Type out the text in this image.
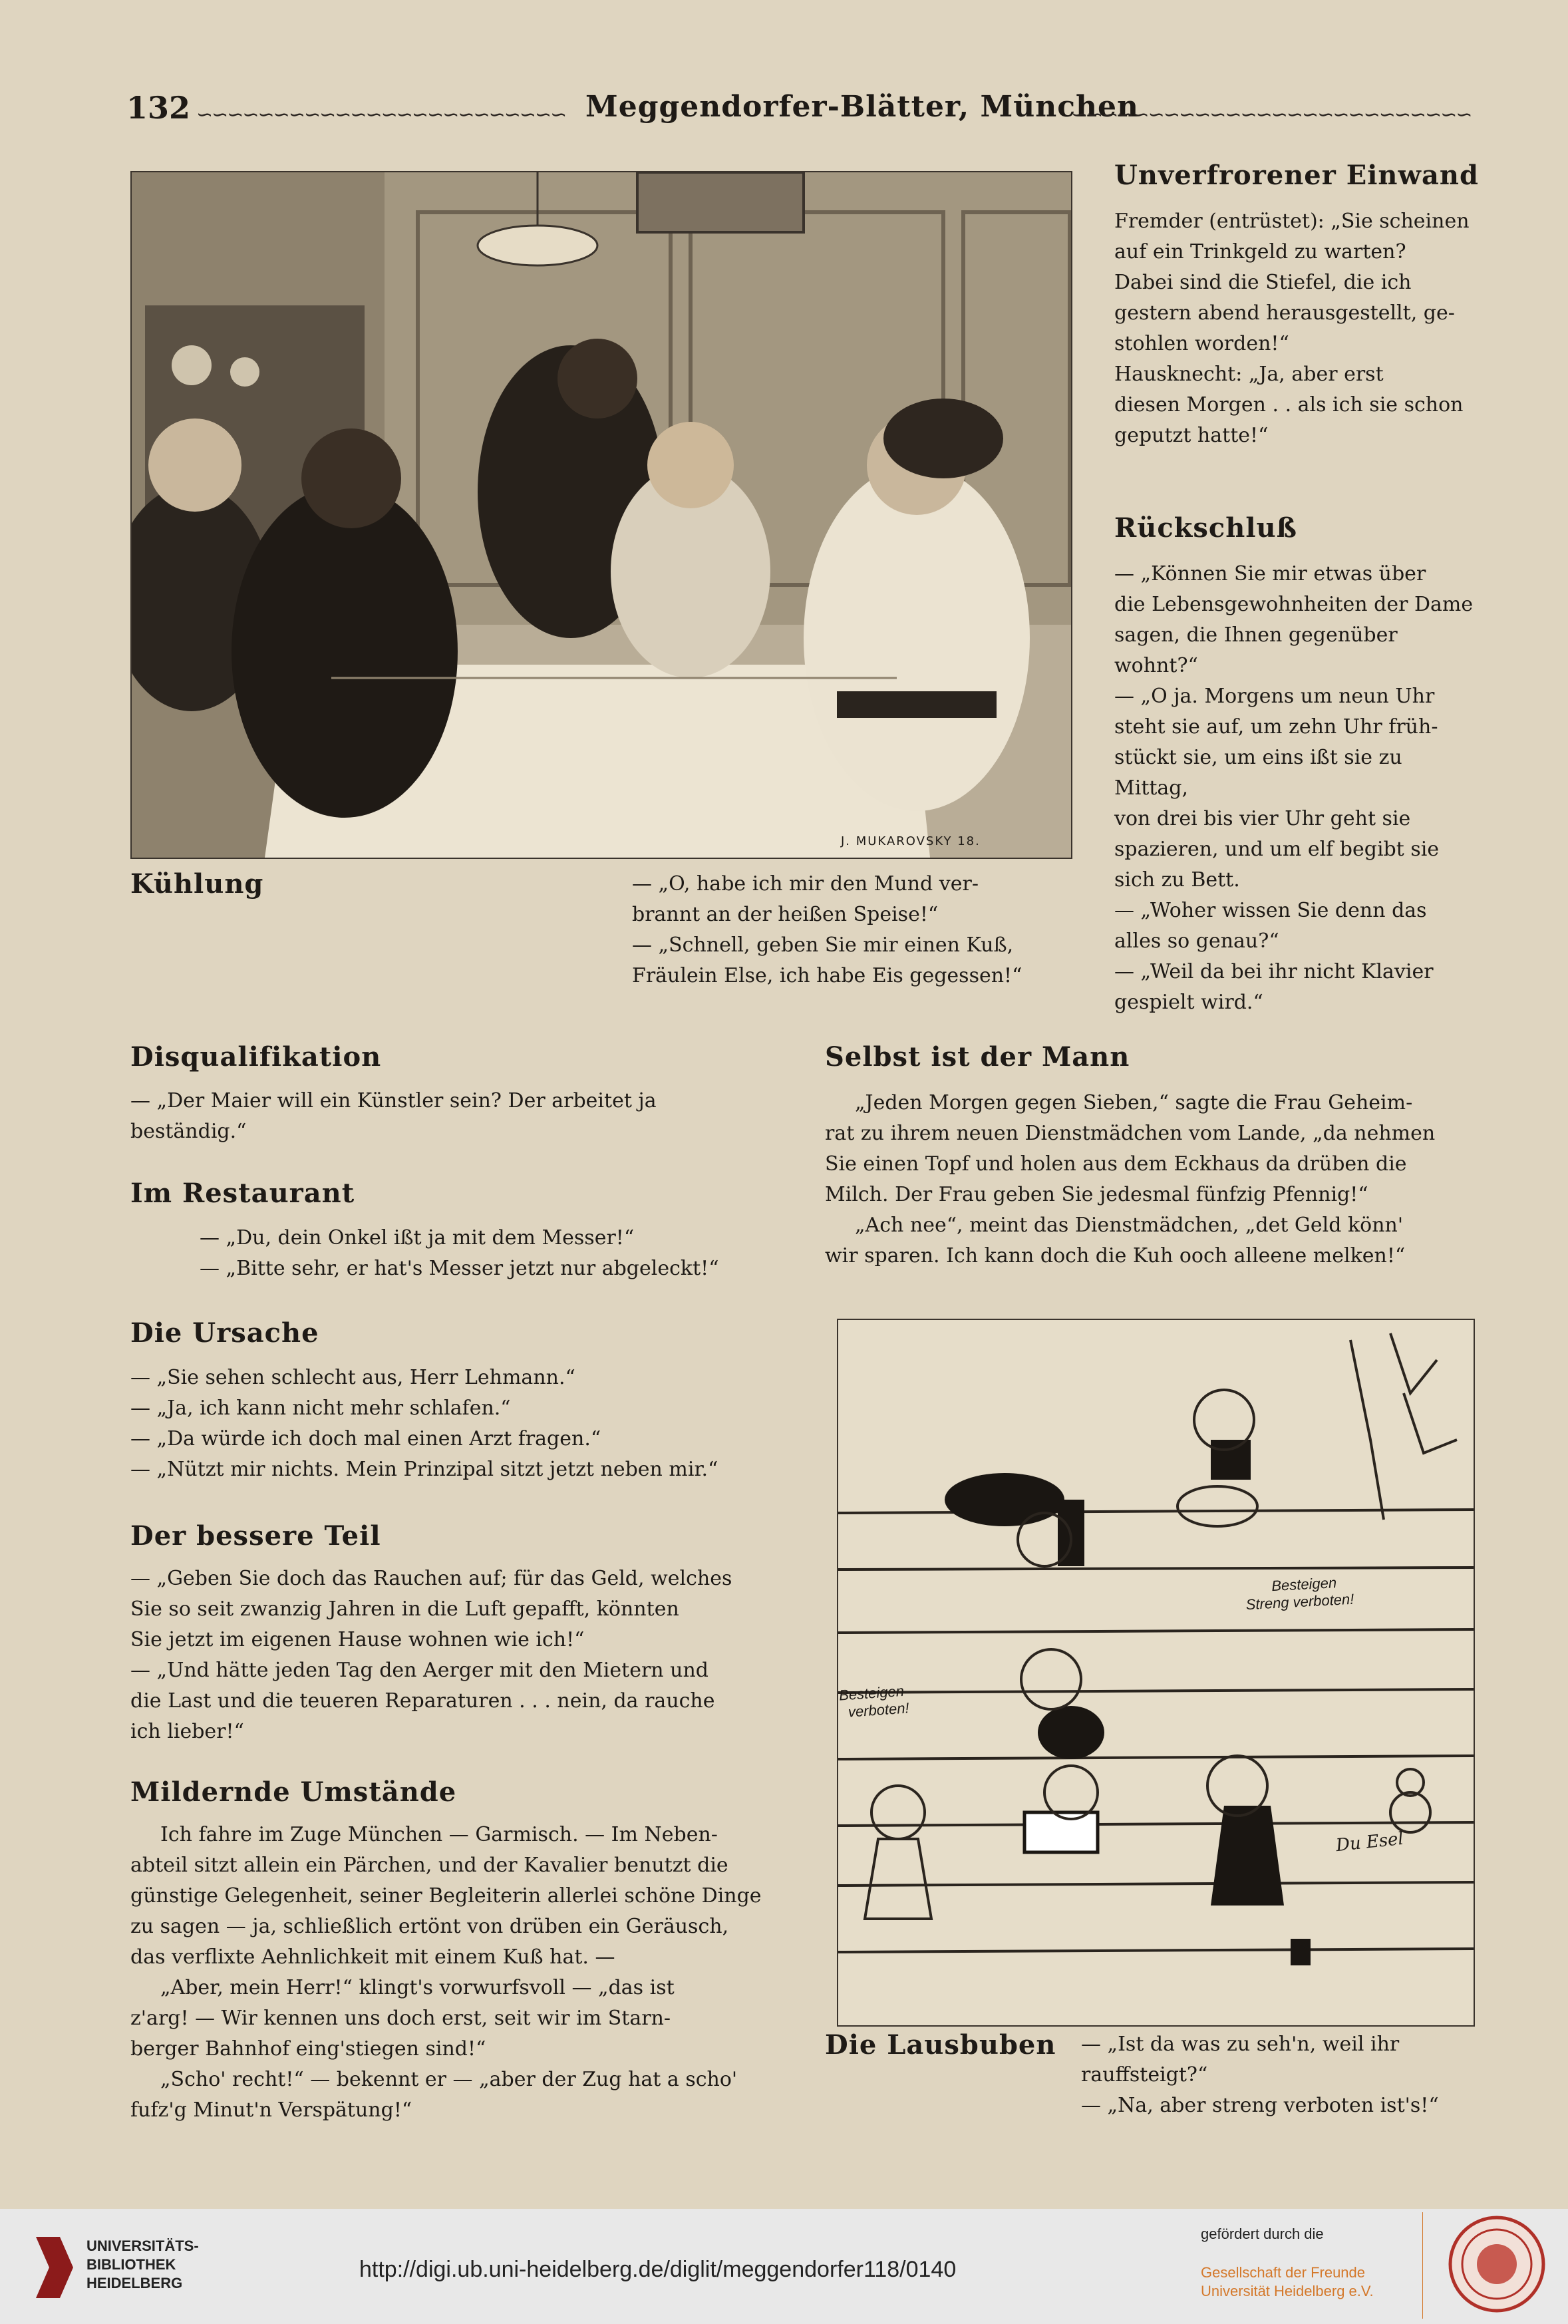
132 ∽∽∽∽∽∽∽∽∽∽∽∽∽∽∽∽∽∽∽∽∽∽∽∽ Meggendorfer-Blätter, München
∽∽∽∽∽∽∽∽∽∽∽∽∽∽∽∽∽∽∽∽∽∽∽∽∽∽
J. MUKAROVSKY 18.
Kühlung	— „O, habe ich mir den Mund ver-

brannt an der heißen Speise!“

— „Schnell, geben Sie mir einen Kuß,

Fräulein Else, ich habe Eis gegessen!“

Unverfrorener Einwand

Fremder (entrüstet): „Sie scheinen

auf ein Trinkgeld zu warten?

Dabei sind die Stiefel, die ich

gestern abend herausgestellt, ge-

stohlen worden!“

Hausknecht: „Ja, aber erst

diesen Morgen . . als ich sie schon

geputzt hatte!“

Rückschluß

— „Können Sie mir etwas über

die Lebensgewohnheiten der Dame

sagen, die Ihnen gegenüber

wohnt?“

— „O ja. Morgens um neun Uhr

steht sie auf, um zehn Uhr früh-

stückt sie, um eins ißt sie zu Mittag,

von drei bis vier Uhr geht sie

spazieren, und um elf begibt sie

sich zu Bett.

— „Woher wissen Sie denn das

alles so genau?“

— „Weil da bei ihr nicht Klavier

gespielt wird.“

Disqualifikation

— „Der Maier will ein Künstler sein? Der arbeitet ja

beständig.“

Im Restaurant

— „Du, dein Onkel ißt ja mit dem Messer!“

— „Bitte sehr, er hat's Messer jetzt nur abgeleckt!“

Die Ursache

— „Sie sehen schlecht aus, Herr Lehmann.“

— „Ja, ich kann nicht mehr schlafen.“

— „Da würde ich doch mal einen Arzt fragen.“

— „Nützt mir nichts. Mein Prinzipal sitzt jetzt neben mir.“

Der bessere Teil

— „Geben Sie doch das Rauchen auf; für das Geld, welches

Sie so seit zwanzig Jahren in die Luft gepafft, könnten

Sie jetzt im eigenen Hause wohnen wie ich!“

— „Und hätte jeden Tag den Aerger mit den Mietern und

die Last und die teueren Reparaturen . . . nein, da rauche

ich lieber!“

Mildernde Umstände

Ich fahre im Zuge München — Garmisch. — Im Neben-

abteil sitzt allein ein Pärchen, und der Kavalier benutzt die

günstige Gelegenheit, seiner Begleiterin allerlei schöne Dinge

zu sagen — ja, schließlich ertönt von drüben ein Geräusch,

das verflixte Aehnlichkeit mit einem Kuß hat. —

„Aber, mein Herr!“ klingt's vorwurfsvoll — „das ist

z'arg! — Wir kennen uns doch erst, seit wir im Starn-

berger Bahnhof eing'stiegen sind!“

„Scho' recht!“ — bekennt er — „aber der Zug hat a scho'

fufz'g Minut'n Verspätung!“

Selbst ist der Mann

„Jeden Morgen gegen Sieben,“ sagte die Frau Geheim-

rat zu ihrem neuen Dienstmädchen vom Lande, „da nehmen

Sie einen Topf und holen aus dem Eckhaus da drüben die

Milch. Der Frau geben Sie jedesmal fünfzig Pfennig!“

„Ach nee“, meint das Dienstmädchen, „det Geld könn'

wir sparen. Ich kann doch die Kuh ooch alleene melken!“

Besteigen
Streng verboten!
Besteigen
verboten!
Du Esel
Die Lausbuben — „Ist da was zu seh'n, weil ihr

rauffsteigt?“

— „Na, aber streng verboten ist's!“

UNIVERSITÄTS-
BIBLIOTHEK
HEIDELBERG
http://digi.ub.uni-heidelberg.de/diglit/meggendorfer118/0140
gefördert durch die
Gesellschaft der Freunde
Universität Heidelberg e.V.
